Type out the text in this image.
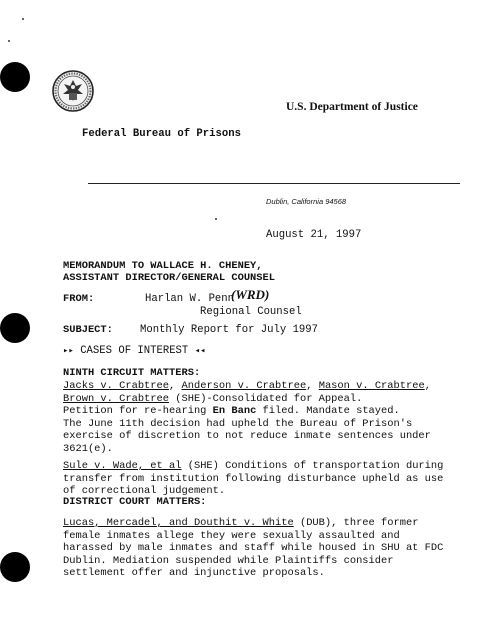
U.S. Department of Justice
Federal Bureau of Prisons
Dublin, California 94568
August 21, 1997
MEMORANDUM TO WALLACE H. CHENEY,
ASSISTANT DIRECTOR/GENERAL COUNSEL
FROM:	Harlan W. Penn
(WRD)
Regional Counsel
SUBJECT:	Monthly Report for July 1997
▸▸ CASES OF INTEREST ◂◂
NINTH CIRCUIT MATTERS:
Jacks v. Crabtree, Anderson v. Crabtree, Mason v. Crabtree,
Brown v. Crabtree (SHE)-Consolidated for Appeal.
Petition for re-hearing En Banc filed. Mandate stayed.
The June 11th decision had upheld the Bureau of Prison's
exercise of discretion to not reduce inmate sentences under
3621(e).
Sule v. Wade, et al (SHE) Conditions of transportation during
transfer from institution following disturbance upheld as use
of correctional judgement.
DISTRICT COURT MATTERS:
Lucas, Mercadel, and Douthit v. White (DUB), three former
female inmates allege they were sexually assaulted and
harassed by male inmates and staff while housed in SHU at FDC
Dublin. Mediation suspended while Plaintiffs consider
settlement offer and injunctive proposals.
